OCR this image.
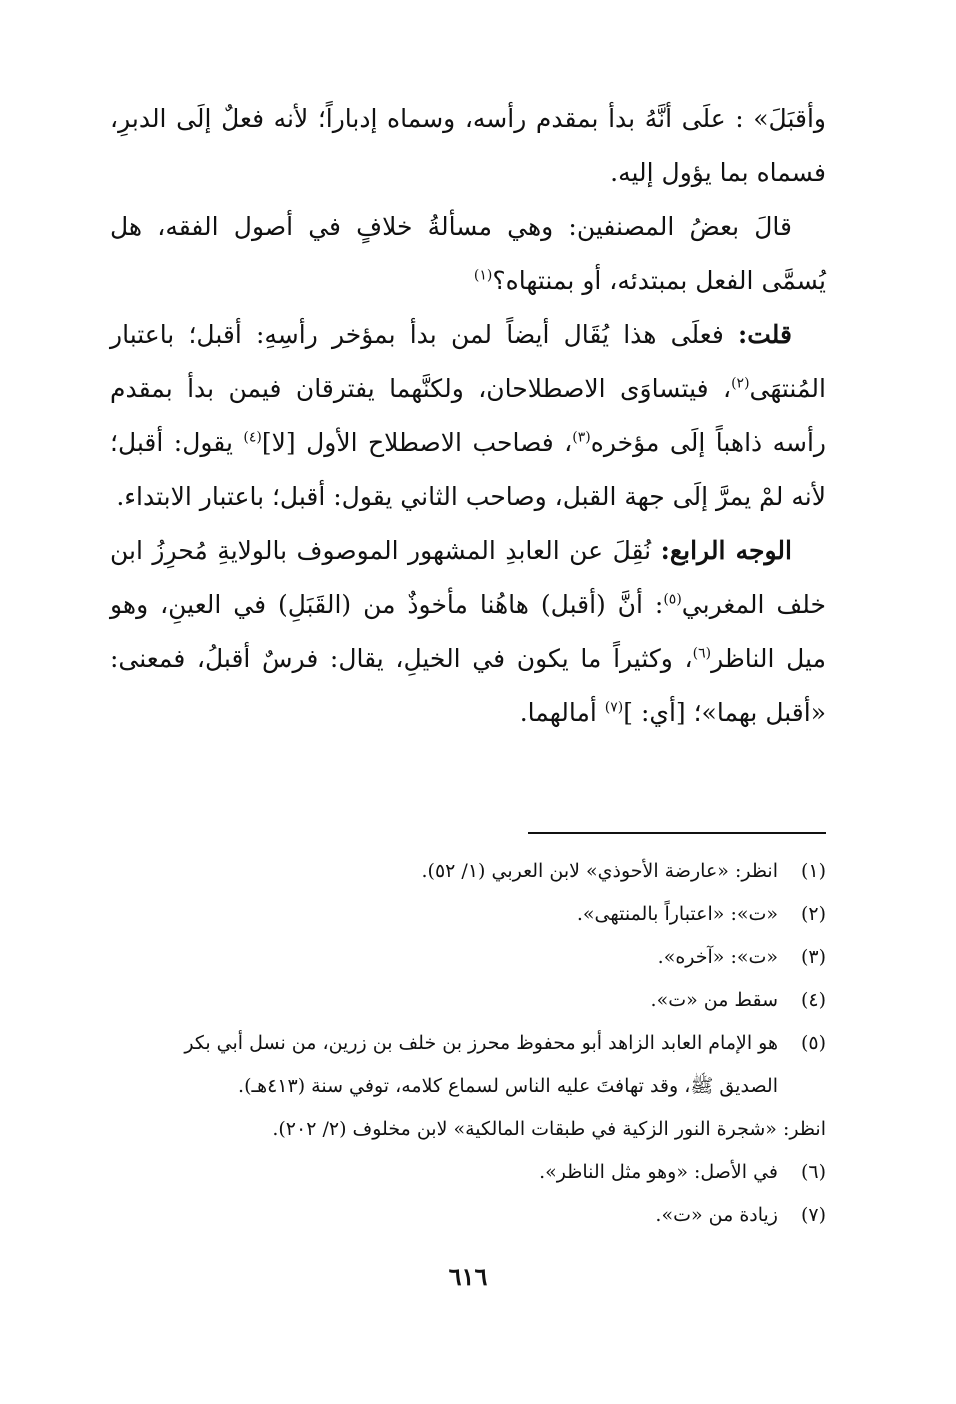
وأقبَلَ» : علَى أنَّهُ بدأ بمقدم رأسه، وسماه إدباراً؛ لأنه فعلٌ إلَى الدبرِ، فسماه بما يؤول إليه.

قالَ بعضُ المصنفين: وهي مسألةُ خلافٍ في أصول الفقه، هل يُسمَّى الفعل بمبتدئه، أو بمنتهاه؟$^{(١)}$

قلت: فعلَى هذا يُقَال أيضاً لمن بدأ بمؤخر رأسِهِ: أقبل؛ باعتبار المُنتهَى$^{(٢)}$، فيتساوَى الاصطلاحان، ولكنَّهما يفترقان فيمن بدأ بمقدم رأسه ذاهباً إلَى مؤخره$^{(٣)}$، فصاحب الاصطلاح الأول [لا]$^{(٤)}$ يقول: أقبل؛ لأنه لمْ يمرَّ إلَى جهة القبل، وصاحب الثاني يقول: أقبل؛ باعتبار الابتداء.

الوجه الرابع: نُقِلَ عن العابدِ المشهور الموصوف بالولايةِ مُحرِزُ ابن خلف المغربي$^{(٥)}$: أنَّ (أقبل) هاهُنا مأخوذٌ من (القَبَلِ) في العينِ، وهو ميل الناظر$^{(٦)}$، وكثيراً ما يكون في الخيلِ، يقال: فرسٌ أقبلُ، فمعنى: «أقبل بهما»؛ [أي: ]$^{(٧)}$ أمالهما.

(١)
انظر: «عارضة الأحوذي» لابن العربي (١/ ٥٢).
(٢)
«ت»: «اعتباراً بالمنتهى».
(٣)
«ت»: «آخره».
(٤)
سقط من «ت».
(٥)
هو الإمام العابد الزاهد أبو محفوظ محرز بن خلف بن زرين، من نسل أبي بكر
الصديق ﷺ، وقد تهافتَ عليه الناس لسماع كلامه، توفي سنة (٤١٣هـ).
انظر: «شجرة النور الزكية في طبقات المالكية» لابن مخلوف (٢/ ٢٠٢).
(٦)
في الأصل: «وهو مثل الناظر».
(٧)
زيادة من «ت».
٦١٦
